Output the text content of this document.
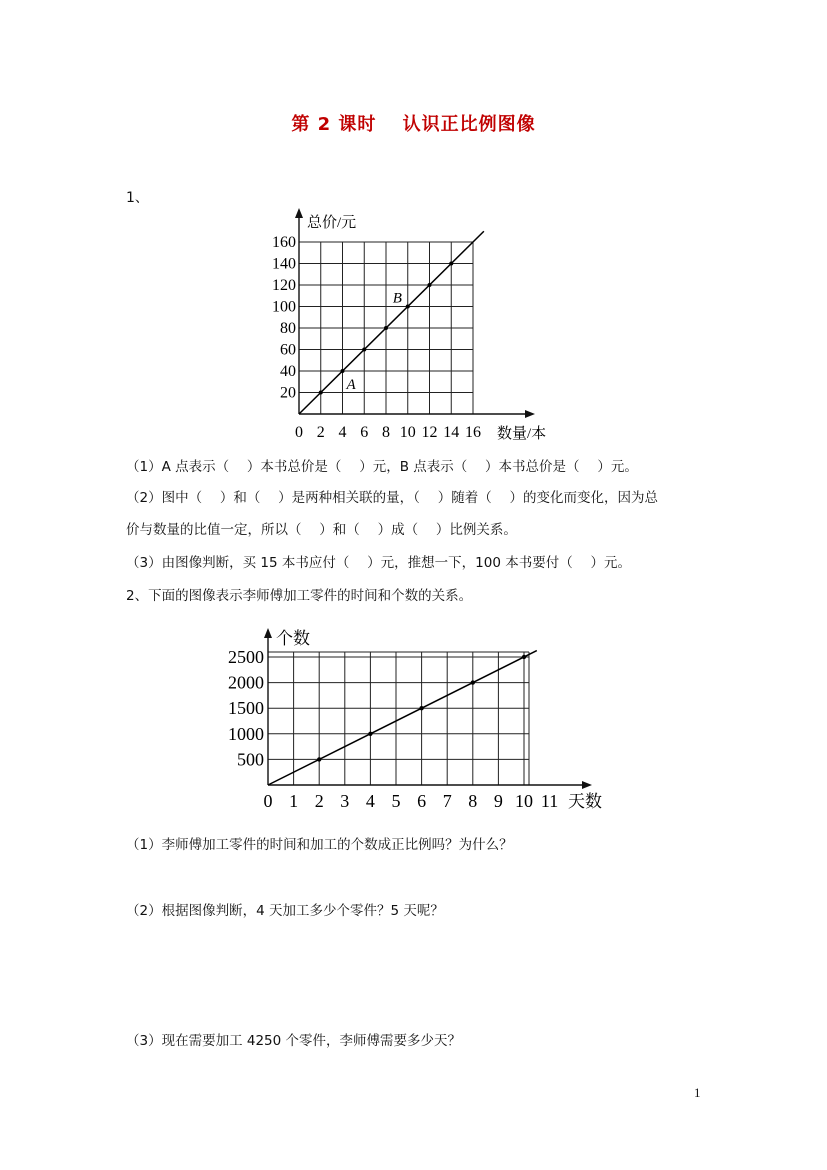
第 2 课时　 认识正比例图像
1、
总价/元
数量/本
0 2 4 6 8 10 12 14 16
20
40
60
80
100
120
140
160
A
B
（1）A 点表示（　 ）本书总价是（　 ）元，B 点表示（　 ）本书总价是（　 ）元。
（2）图中（　 ）和（　 ）是两种相关联的量，（　 ）随着（　 ）的变化而变化，因为总
价与数量的比值一定，所以（　 ）和（　 ）成（　 ）比例关系。
（3）由图像判断，买 15 本书应付（　 ）元，推想一下，100 本书要付（　 ）元。
2、下面的图像表示李师傅加工零件的时间和个数的关系。
个数
天数
0 1 2 3 4 5 6 7 8 9 10 11
500
1000
1500
2000
2500
（1）李师傅加工零件的时间和加工的个数成正比例吗？为什么？
（2）根据图像判断，4 天加工多少个零件？5 天呢？
（3）现在需要加工 4250 个零件，李师傅需要多少天？
1
